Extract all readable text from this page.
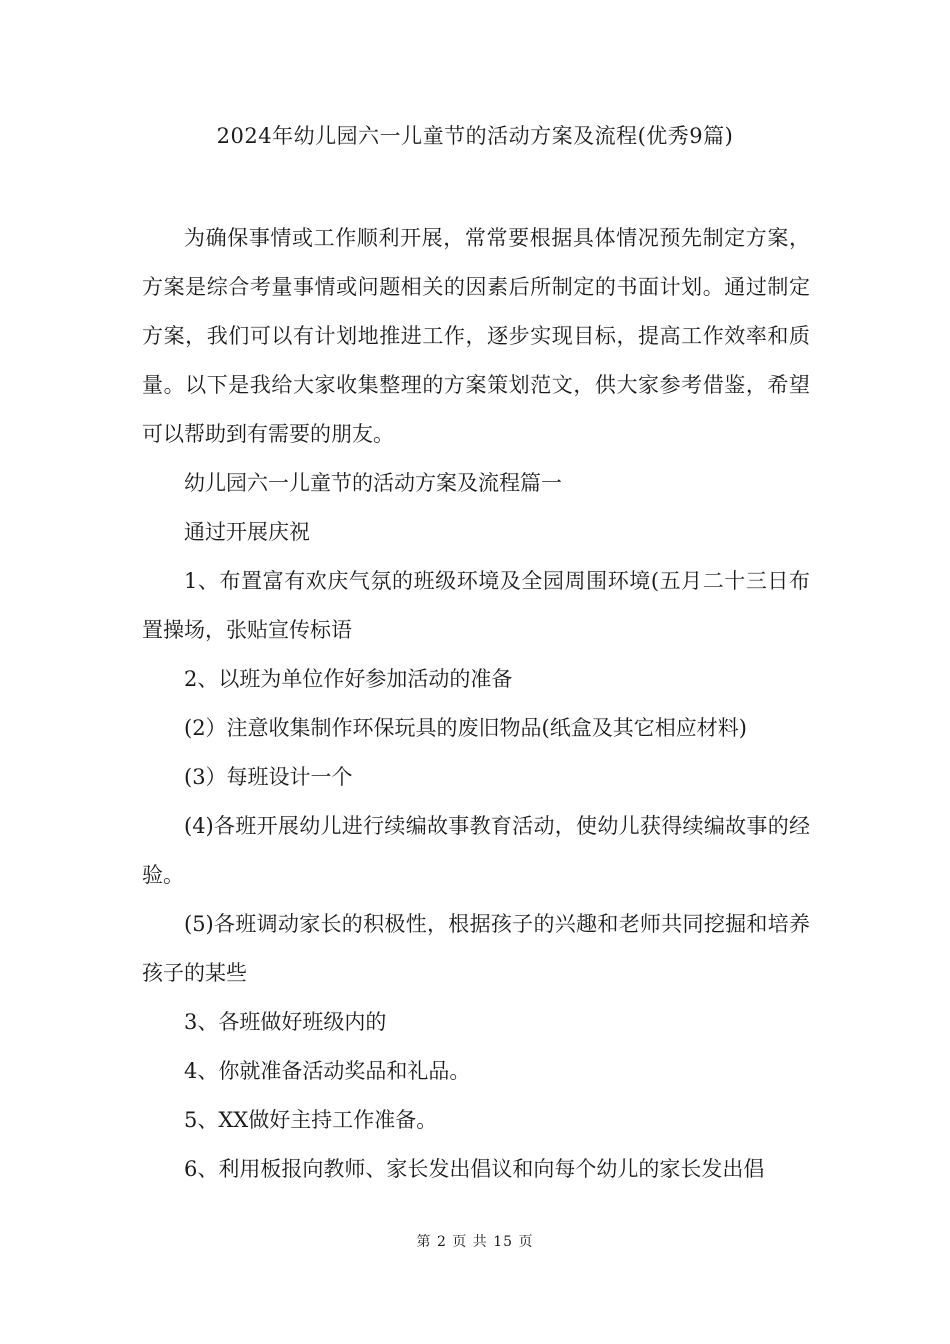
2024年幼儿园六一儿童节的活动方案及流程(优秀9篇)

为确保事情或工作顺利开展，常常要根据具体情况预先制定方案，方案是综合考量事情或问题相关的因素后所制定的书面计划。通过制定方案，我们可以有计划地推进工作，逐步实现目标，提高工作效率和质量。以下是我给大家收集整理的方案策划范文，供大家参考借鉴，希望可以帮助到有需要的朋友。

幼儿园六一儿童节的活动方案及流程篇一

通过开展庆祝

1、布置富有欢庆气氛的班级环境及全园周围环境(五月二十三日布置操场，张贴宣传标语

2、以班为单位作好参加活动的准备

(2）注意收集制作环保玩具的废旧物品(纸盒及其它相应材料)

(3）每班设计一个

(4)各班开展幼儿进行续编故事教育活动，使幼儿获得续编故事的经验。

(5)各班调动家长的积极性，根据孩子的兴趣和老师共同挖掘和培养孩子的某些

3、各班做好班级内的

4、你就准备活动奖品和礼品。

5、XX做好主持工作准备。

6、利用板报向教师、家长发出倡议和向每个幼儿的家长发出倡

第 2 页 共 15 页
